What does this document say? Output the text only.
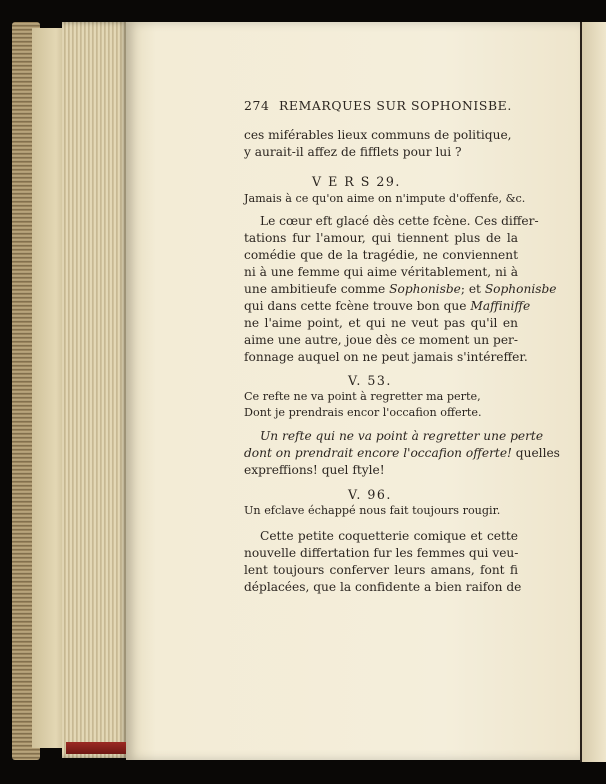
274 REMARQUES SUR SOPHONISBE.
ces miférables lieux communs de politique,
y aurait-il affez de fifflets pour lui ?
V E R S 29.
Jamais à ce qu'on aime on n'impute d'offenfe, &c.
Le cœur eft glacé dès cette fcène. Ces differ-
tations fur l'amour, qui tiennent plus de la
comédie que de la tragédie, ne conviennent
ni à une femme qui aime véritablement, ni à
une ambitieufe comme Sophonisbe; et Sophonisbe
qui dans cette fcène trouve bon que Maffiniffe
ne l'aime point, et qui ne veut pas qu'il en
aime une autre, joue dès ce moment un per-
fonnage auquel on ne peut jamais s'intéreffer.
V. 53.
Ce refte ne va point à regretter ma perte,
Dont je prendrais encor l'occafion offerte.
Un refte qui ne va point à regretter une perte
dont on prendrait encore l'occafion offerte! quelles
expreffions! quel ftyle!
V. 96.
Un efclave échappé nous fait toujours rougir.
Cette petite coquetterie comique et cette
nouvelle differtation fur les femmes qui veu-
lent toujours conferver leurs amans, font fi
déplacées, que la confidente a bien raifon de
